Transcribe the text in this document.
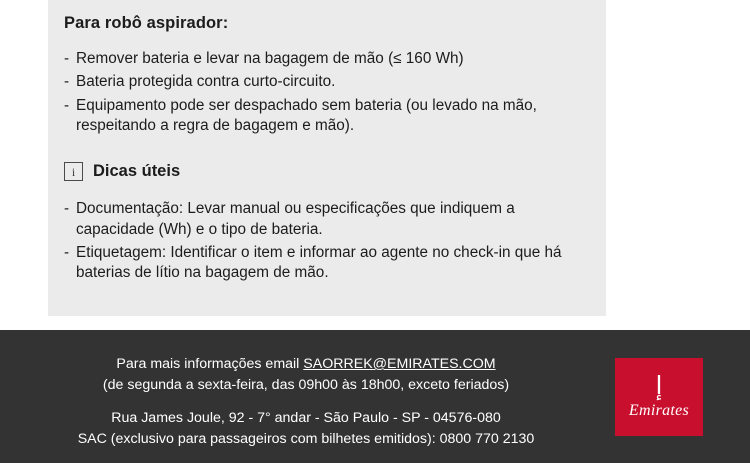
Para robô aspirador:
- Remover bateria e levar na bagagem de mão (≤ 160 Wh)
- Bateria protegida contra curto-circuito.
- Equipamento pode ser despachado sem bateria (ou levado na mão, respeitando a regra de bagagem e mão).
i	Dicas úteis
- Documentação: Levar manual ou especificações que indiquem a capacidade (Wh) e o tipo de bateria.
- Etiquetagem: Identificar o item e informar ao agente no check-in que há baterias de lítio na bagagem de mão.
Para mais informações email SAORREK@EMIRATES.COM
(de segunda a sexta-feira, das 09h00 às 18h00, exceto feriados)
Rua James Joule, 92 - 7° andar - São Paulo - SP - 04576-080
SAC (exclusivo para passageiros com bilhetes emitidos): 0800 770 2130
ﺇ
Emirates
